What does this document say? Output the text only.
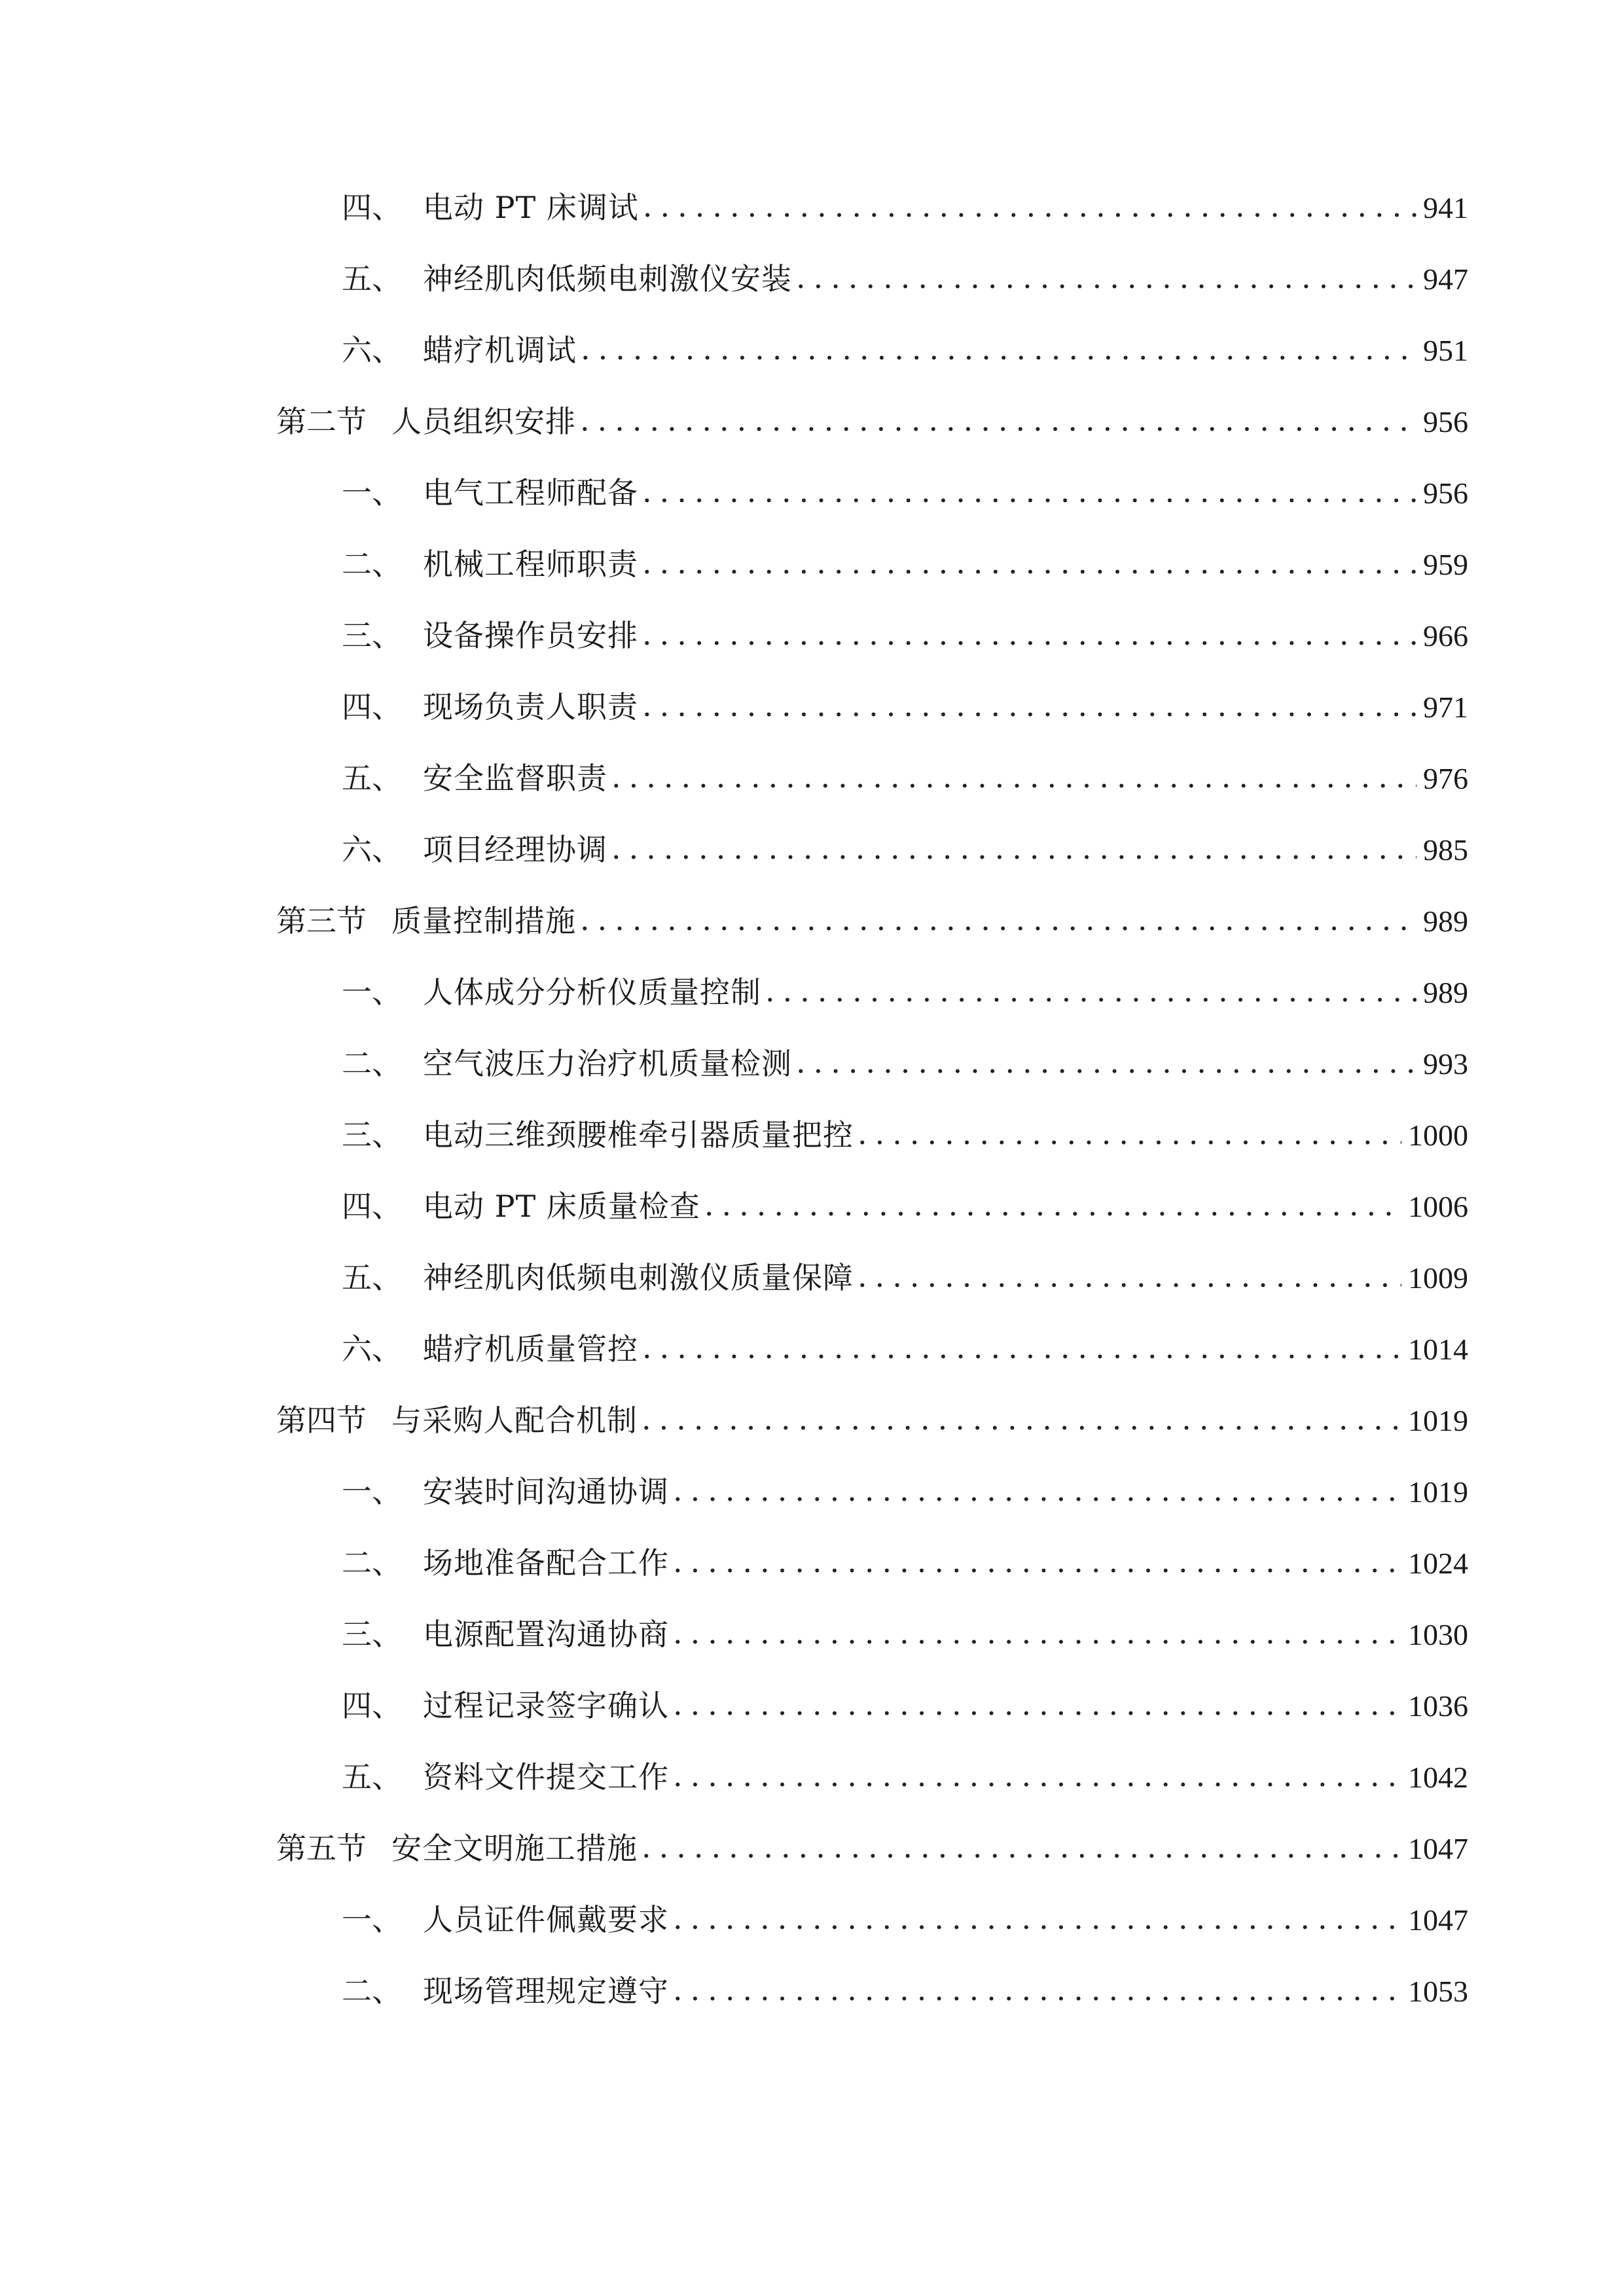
四、 电动 PT 床调试 .....	941
五、 神经肌肉低频电刺激仪安装 .....	947
六、 蜡疗机调试 .....	951
第二节 人员组织安排 .....	956
一、 电气工程师配备 .....	956
二、 机械工程师职责 .....	959
三、 设备操作员安排 .....	966
四、 现场负责人职责 .....	971
五、 安全监督职责 .....	976
六、 项目经理协调 .....	985
第三节 质量控制措施 .....	989
一、 人体成分分析仪质量控制 .....	989
二、 空气波压力治疗机质量检测 .....	993
三、 电动三维颈腰椎牵引器质量把控 .....	1000
四、 电动 PT 床质量检查 .....	1006
五、 神经肌肉低频电刺激仪质量保障 .....	1009
六、 蜡疗机质量管控 .....	1014
第四节 与采购人配合机制 .....	1019
一、 安装时间沟通协调 .....	1019
二、 场地准备配合工作 .....	1024
三、 电源配置沟通协商 .....	1030
四、 过程记录签字确认 .....	1036
五、 资料文件提交工作 .....	1042
第五节 安全文明施工措施 .....	1047
一、 人员证件佩戴要求 .....	1047
二、 现场管理规定遵守 .....	1053
